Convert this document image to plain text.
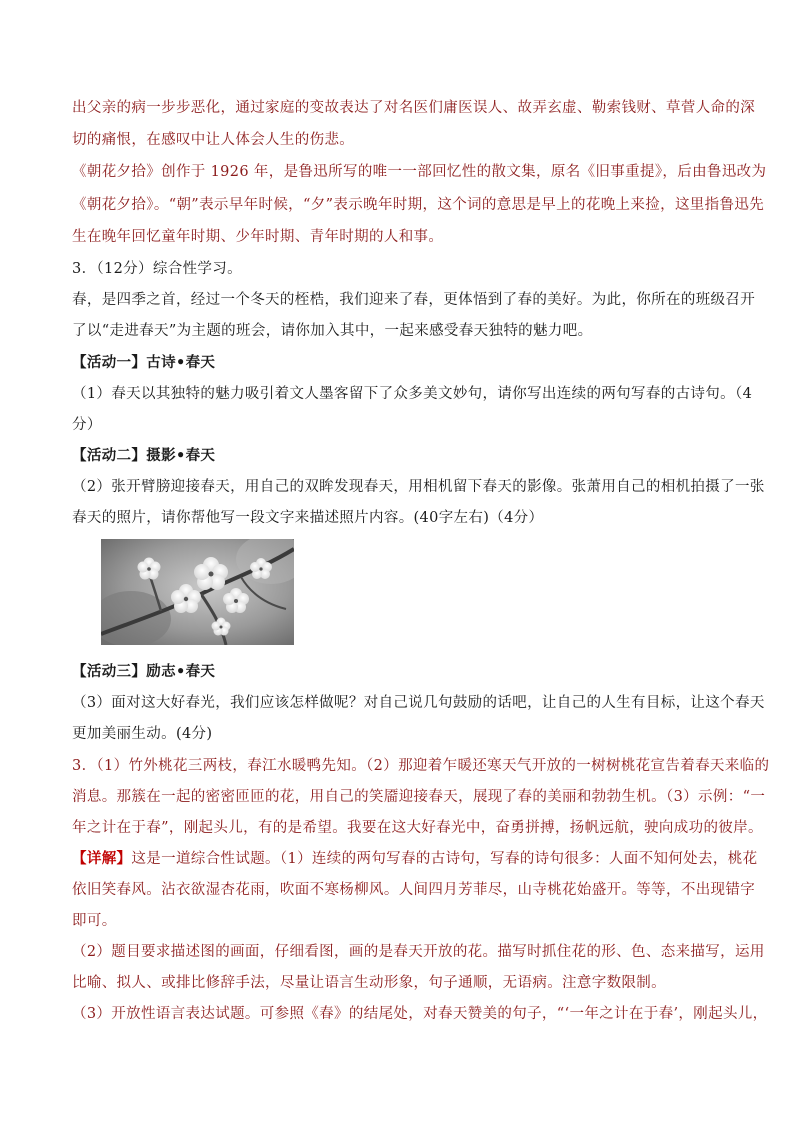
出父亲的病一步步恶化，通过家庭的变故表达了对名医们庸医误人、故弄玄虚、勒索钱财、草菅人命的深
切的痛恨，在感叹中让人体会人生的伤悲。
《朝花夕拾》创作于 1926 年，是鲁迅所写的唯一一部回忆性的散文集，原名《旧事重提》，后由鲁迅改为
《朝花夕拾》。“朝”表示早年时候，“夕”表示晚年时期，这个词的意思是早上的花晚上来捡，这里指鲁迅先
生在晚年回忆童年时期、少年时期、青年时期的人和事。
3．（12分）综合性学习。
春，是四季之首，经过一个冬天的桎梏，我们迎来了春，更体悟到了春的美好。为此，你所在的班级召开
了以“走进春天”为主题的班会，请你加入其中，一起来感受春天独特的魅力吧。
【活动一】古诗•春天
（1）春天以其独特的魅力吸引着文人墨客留下了众多美文妙句，请你写出连续的两句写春的古诗句。（4
分）
【活动二】摄影•春天
（2）张开臂膀迎接春天，用自己的双眸发现春天，用相机留下春天的影像。张萧用自己的相机拍摄了一张
春天的照片，请你帮他写一段文字来描述照片内容。(40字左右)（4分）
【活动三】励志•春天
（3）面对这大好春光，我们应该怎样做呢？对自己说几句鼓励的话吧，让自己的人生有目标，让这个春天
更加美丽生动。(4分)
3．（1）竹外桃花三两枝，春江水暖鸭先知。（2）那迎着乍暖还寒天气开放的一树树桃花宣告着春天来临的
消息。那簇在一起的密密匝匝的花，用自己的笑靥迎接春天，展现了春的美丽和勃勃生机。（3）示例：“一
年之计在于春”，刚起头儿，有的是希望。我要在这大好春光中，奋勇拼搏，扬帆远航，驶向成功的彼岸。
【详解】这是一道综合性试题。（1）连续的两句写春的古诗句，写春的诗句很多：人面不知何处去，桃花
依旧笑春风。沾衣欲湿杏花雨，吹面不寒杨柳风。人间四月芳菲尽，山寺桃花始盛开。等等，不出现错字
即可。
（2）题目要求描述图的画面，仔细看图，画的是春天开放的花。描写时抓住花的形、色、态来描写，运用
比喻、拟人、或排比修辞手法，尽量让语言生动形象，句子通顺，无语病。注意字数限制。
（3）开放性语言表达试题。可参照《春》的结尾处，对春天赞美的句子，“‘一年之计在于春’，刚起头儿，
